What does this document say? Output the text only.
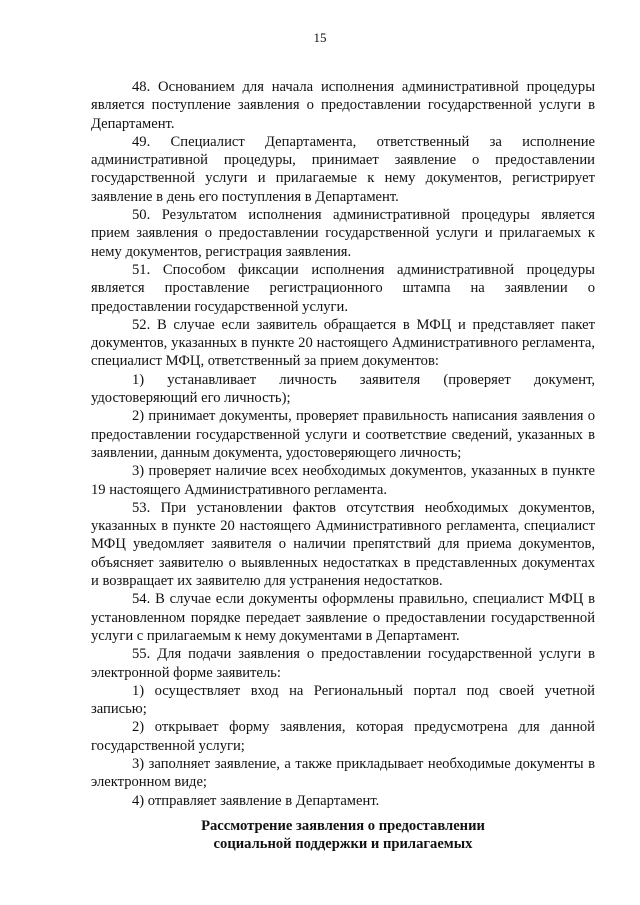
15

48. Основанием для начала исполнения административной процедуры является поступление заявления о предоставлении государственной услуги в Департамент.

49. Специалист Департамента, ответственный за исполнение административной процедуры, принимает заявление о предоставлении государственной услуги и прилагаемые к нему документов, регистрирует заявление в день его поступления в Департамент.

50. Результатом исполнения административной процедуры является прием заявления о предоставлении государственной услуги и прилагаемых к нему документов, регистрация заявления.

51. Способом фиксации исполнения административной процедуры является проставление регистрационного штампа на заявлении о предоставлении государственной услуги.

52. В случае если заявитель обращается в МФЦ и представляет пакет документов, указанных в пункте 20 настоящего Административного регламента, специалист МФЦ, ответственный за прием документов:

1) устанавливает личность заявителя (проверяет документ, удостоверяющий его личность);

2) принимает документы, проверяет правильность написания заявления о предоставлении государственной услуги и соответствие сведений, указанных в заявлении, данным документа, удостоверяющего личность;

3) проверяет наличие всех необходимых документов, указанных в пункте 19 настоящего Административного регламента.

53. При установлении фактов отсутствия необходимых документов, указанных в пункте 20 настоящего Административного регламента, специалист МФЦ уведомляет заявителя о наличии препятствий для приема документов, объясняет заявителю о выявленных недостатках в представленных документах и возвращает их заявителю для устранения недостатков.

54. В случае если документы оформлены правильно, специалист МФЦ в установленном порядке передает заявление о предоставлении государственной услуги с прилагаемым к нему документами в Департамент.

55. Для подачи заявления о предоставлении государственной услуги в электронной форме заявитель:

1) осуществляет вход на Региональный портал под своей учетной записью;

2) открывает форму заявления, которая предусмотрена для данной государственной услуги;

3) заполняет заявление, а также прикладывает необходимые документы в электронном виде;

4) отправляет заявление в Департамент.

Рассмотрение заявления о предоставлении
социальной поддержки и прилагаемых
